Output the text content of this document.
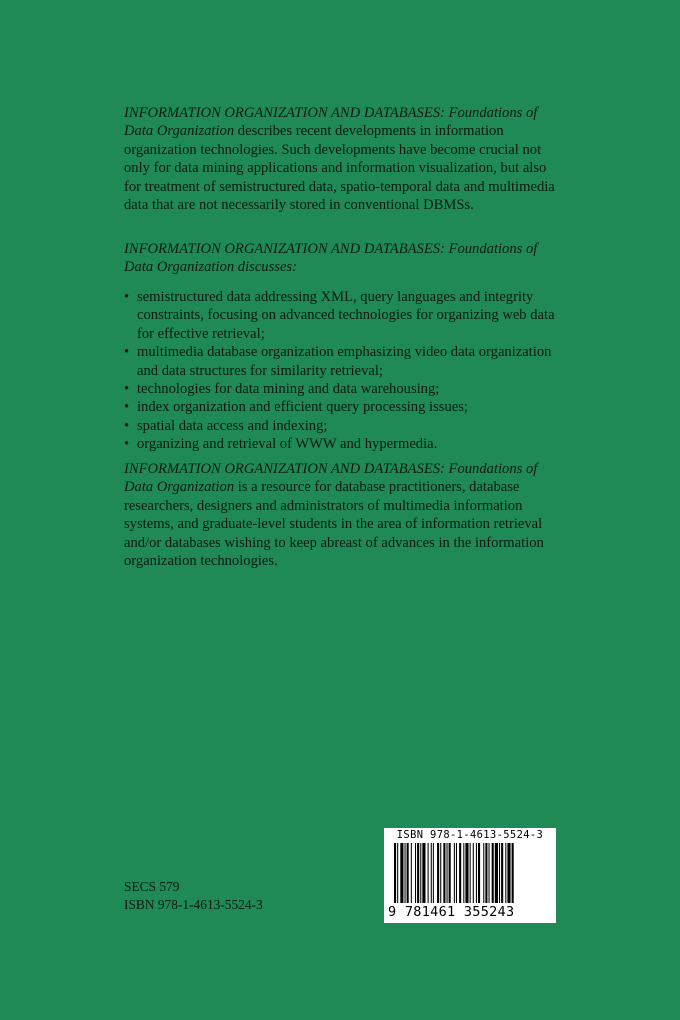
INFORMATION ORGANIZATION AND DATABASES: Foundations of Data Organization describes recent developments in information organization technologies. Such developments have become crucial not only for data mining applications and information visualization, but also for treatment of semistructured data, spatio-temporal data and multimedia data that are not necessarily stored in conventional DBMSs.
INFORMATION ORGANIZATION AND DATABASES: Foundations of Data Organization discusses:
• semistructured data addressing XML, query languages and integrity constraints, focusing on advanced technologies for organizing web data for effective retrieval;
• multimedia database organization emphasizing video data organization and data structures for similarity retrieval;
• technologies for data mining and data warehousing;
• index organization and efficient query processing issues;
• spatial data access and indexing;
• organizing and retrieval of WWW and hypermedia.
INFORMATION ORGANIZATION AND DATABASES: Foundations of Data Organization is a resource for database practitioners, database researchers, designers and administrators of multimedia information systems, and graduate-level students in the area of information retrieval and/or databases wishing to keep abreast of advances in the information organization technologies.
SECS 579
ISBN 978-1-4613-5524-3
ISBN 978-1-4613-5524-3
9 781461 355243
